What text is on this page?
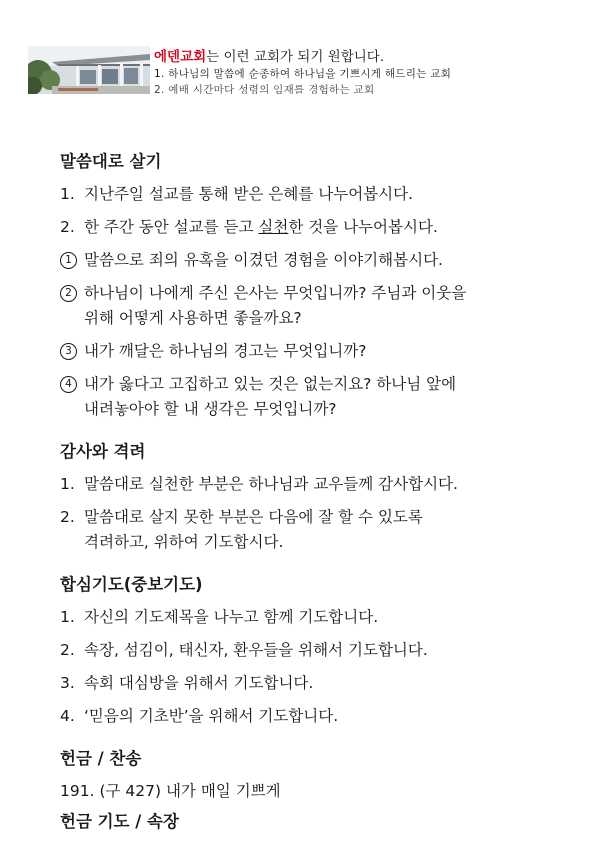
에덴교회는 이런 교회가 되기 원합니다.
1. 하나님의 말씀에 순종하여 하나님을 기쁘시게 해드리는 교회
2. 예배 시간마다 성령의 임재를 경험하는 교회
말씀대로 살기
1. 지난주일 설교를 통해 받은 은혜를 나누어봅시다.
2. 한 주간 동안 설교를 듣고 실천한 것을 나누어봅시다.
1 말씀으로 죄의 유혹을 이겼던 경험을 이야기해봅시다.
2 하나님이 나에게 주신 은사는 무엇입니까? 주님과 이웃을
위해 어떻게 사용하면 좋을까요?
3 내가 깨달은 하나님의 경고는 무엇입니까?
4 내가 옳다고 고집하고 있는 것은 없는지요? 하나님 앞에
내려놓아야 할 내 생각은 무엇입니까?
감사와 격려
1. 말씀대로 실천한 부분은 하나님과 교우들께 감사합시다.
2. 말씀대로 살지 못한 부분은 다음에 잘 할 수 있도록
격려하고, 위하여 기도합시다.
합심기도(중보기도)
1. 자신의 기도제목을 나누고 함께 기도합니다.
2. 속장, 섬김이, 태신자, 환우들을 위해서 기도합니다.
3. 속회 대심방을 위해서 기도합니다.
4. ‘믿음의 기초반’을 위해서 기도합니다.
헌금 / 찬송
191. (구 427) 내가 매일 기쁘게
헌금 기도 / 속장
